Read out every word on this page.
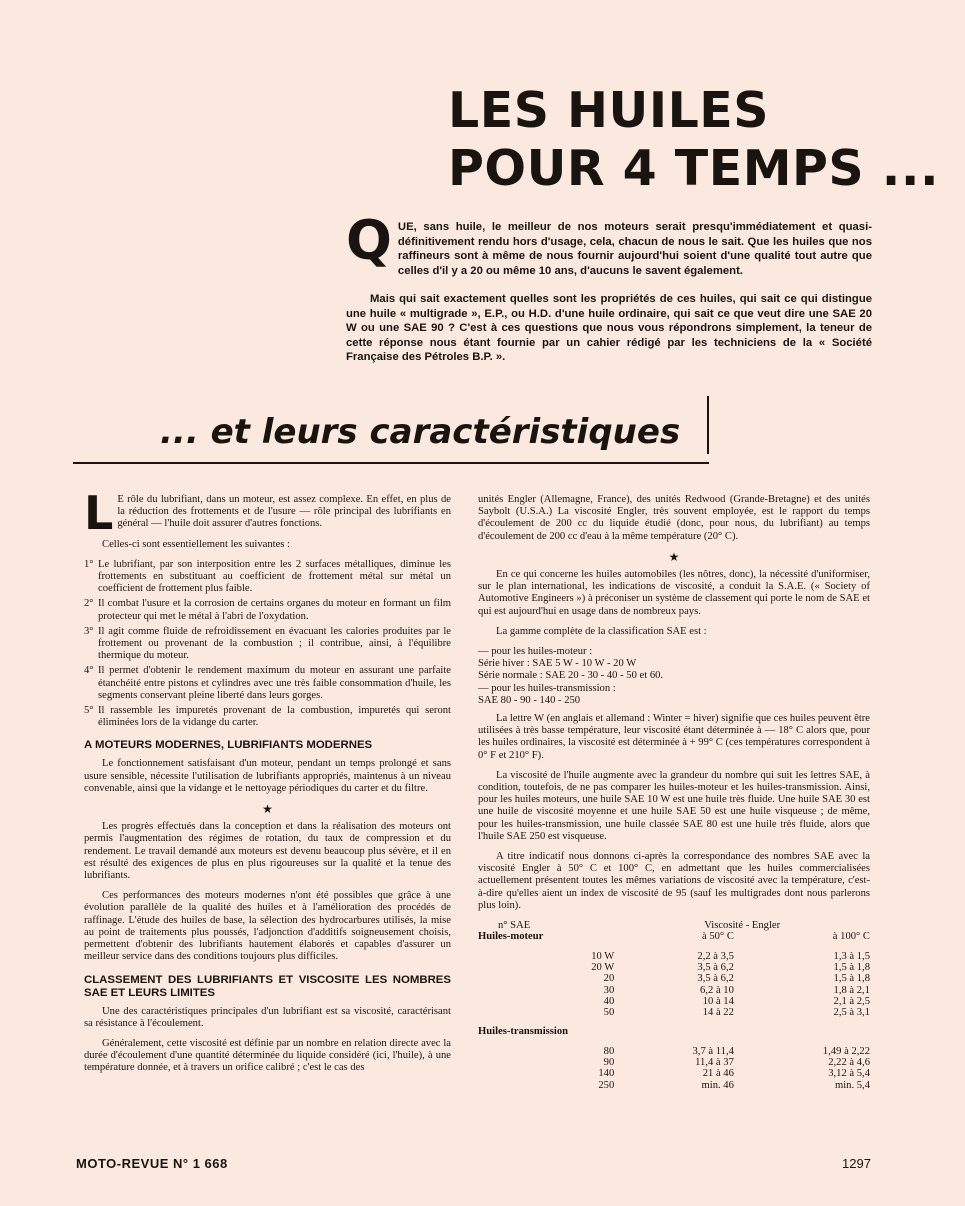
LES HUILES
POUR 4 TEMPS ...

QUE, sans huile, le meilleur de nos moteurs serait presqu'immédiatement et quasi-définitivement rendu hors d'usage, cela, chacun de nous le sait. Que les huiles que nos raffineurs sont à même de nous fournir aujourd'hui soient d'une qualité tout autre que celles d'il y a 20 ou même 10 ans, d'aucuns le savent également.

Mais qui sait exactement quelles sont les propriétés de ces huiles, qui sait ce qui distingue une huile « multigrade », E.P., ou H.D. d'une huile ordinaire, qui sait ce que veut dire une SAE 20 W ou une SAE 90 ? C'est à ces questions que nous vous répondrons simplement, la teneur de cette réponse nous étant fournie par un cahier rédigé par les techniciens de la « Société Française des Pétroles B.P. ».

... et leurs caractéristiques

L E rôle du lubrifiant, dans un moteur, est assez complexe. En effet, en plus de la réduction des frottements et de l'usure — rôle principal des lubrifiants en général — l'huile doit assurer d'autres fonctions.

Celles-ci sont essentiellement les suivantes :

1° Le lubrifiant, par son interposition entre les 2 surfaces métalliques, diminue les frottements en substituant au coefficient de frottement métal sur métal un coefficient de frottement plus faible.

2° Il combat l'usure et la corrosion de certains organes du moteur en formant un film protecteur qui met le métal à l'abri de l'oxydation.

3° Il agit comme fluide de refroidissement en évacuant les calories produites par le frottement ou provenant de la combustion ; il contribue, ainsi, à l'équilibre thermique du moteur.

4° Il permet d'obtenir le rendement maximum du moteur en assurant une parfaite étanchéité entre pistons et cylindres avec une très faible consommation d'huile, les segments conservant pleine liberté dans leurs gorges.

5° Il rassemble les impuretés provenant de la combustion, impuretés qui seront éliminées lors de la vidange du carter.

A MOTEURS MODERNES, LUBRIFIANTS MODERNES

Le fonctionnement satisfaisant d'un moteur, pendant un temps prolongé et sans usure sensible, nécessite l'utilisation de lubrifiants appropriés, maintenus à un niveau convenable, ainsi que la vidange et le nettoyage périodiques du carter et du filtre.

★

Les progrès effectués dans la conception et dans la réalisation des moteurs ont permis l'augmentation des régimes de rotation, du taux de compression et du rendement. Le travail demandé aux moteurs est devenu beaucoup plus sévère, et il en est résulté des exigences de plus en plus rigoureuses sur la qualité et la tenue des lubrifiants.

Ces performances des moteurs modernes n'ont été possibles que grâce à une évolution parallèle de la qualité des huiles et à l'amélioration des procédés de raffinage. L'étude des huiles de base, la sélection des hydrocarbures utilisés, la mise au point de traitements plus poussés, l'adjonction d'additifs soigneusement choisis, permettent d'obtenir des lubrifiants hautement élaborés et capables d'assurer un meilleur service dans des conditions toujours plus difficiles.

CLASSEMENT DES LUBRIFIANTS ET VISCOSITE LES NOMBRES SAE ET LEURS LIMITES

Une des caractéristiques principales d'un lubrifiant est sa viscosité, caractérisant sa résistance à l'écoulement.

Généralement, cette viscosité est définie par un nombre en relation directe avec la durée d'écoulement d'une quantité déterminée du liquide considéré (ici, l'huile), à une température donnée, et à travers un orifice calibré ; c'est le cas des

unités Engler (Allemagne, France), des unités Redwood (Grande-Bretagne) et des unités Saybolt (U.S.A.) La viscosité Engler, très souvent employée, est le rapport du temps d'écoulement de 200 cc du liquide étudié (donc, pour nous, du lubrifiant) au temps d'écoulement de 200 cc d'eau à la même température (20° C).

★

En ce qui concerne les huiles automobiles (les nôtres, donc), la nécessité d'uniformiser, sur le plan international, les indications de viscosité, a conduit la S.A.E. (« Society of Automotive Engineers ») à préconiser un système de classement qui porte le nom de SAE et qui est aujourd'hui en usage dans de nombreux pays.

La gamme complète de la classification SAE est :

— pour les huiles-moteur :

Série hiver : SAE 5 W - 10 W - 20 W

Série normale : SAE 20 - 30 - 40 - 50 et 60.

— pour les huiles-transmission :

SAE 80 - 90 - 140 - 250

La lettre W (en anglais et allemand : Winter = hiver) signifie que ces huiles peuvent être utilisées à très basse température, leur viscosité étant déterminée à — 18° C alors que, pour les huiles ordinaires, la viscosité est déterminée à + 99° C (ces températures correspondent à 0° F et 210° F).

La viscosité de l'huile augmente avec la grandeur du nombre qui suit les lettres SAE, à condition, toutefois, de ne pas comparer les huiles-moteur et les huiles-transmission. Ainsi, pour les huiles moteurs, une huile SAE 10 W est une huile très fluide. Une huile SAE 30 est une huile de viscosité moyenne et une huile SAE 50 est une huile visqueuse ; de même, pour les huiles-transmission, une huile classée SAE 80 est une huile très fluide, alors que l'huile SAE 250 est visqueuse.

A titre indicatif nous donnons ci-après la correspondance des nombres SAE avec la viscosité Engler à 50° C et 100° C, en admettant que les huiles commercialisées actuellement présentent toutes les mêmes variations de viscosité avec la température, c'est-à-dire qu'elles aient un index de viscosité de 95 (sauf les multigrades dont nous parlerons plus loin).

n° SAE		Viscosité - Engler	
Huiles-moteur		à 50° C	à 100° C

	10 W	2,2 à 3,5	1,3 à 1,5
	20 W	3,5 à 6,2	1,5 à 1,8
	20	3,5 à 6,2	1,5 à 1,8
	30	6,2 à 10	1,8 à 2,1
	40	10 à 14	2,1 à 2,5
	50	14 à 22	2,5 à 3,1

Huiles-transmission			

	80	3,7 à 11,4	1,49 à 2,22
	90	11,4 à 37	2,22 à 4,6
	140	21 à 46	3,12 à 5,4
	250	min. 46	min. 5,4
MOTO-REVUE N° 1 668	1297
